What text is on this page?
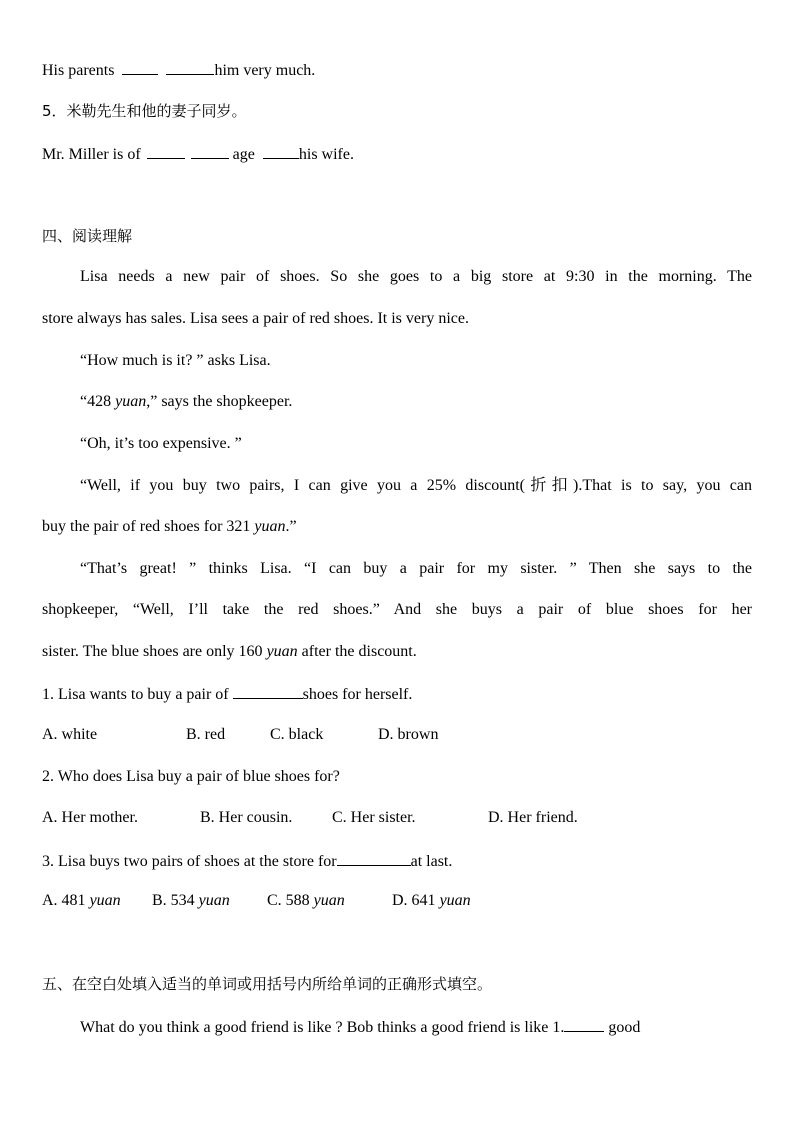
His parents	him very much.
5．米勒先生和他的妻子同岁。
Mr. Miller is of	age	his wife.
四、阅读理解
Lisa needs a new pair of shoes. So she goes to a big store at 9:30 in the morning. The
store always has sales. Lisa sees a pair of red shoes. It is very nice.
“How much is it? ” asks Lisa.
“428 yuan,” says the shopkeeper.
“Oh, it’s too expensive. ”
“Well, if you buy two pairs, I can give you a 25% discount(折扣).That is to say, you can
buy the pair of red shoes for 321 yuan.”
“That’s great! ” thinks Lisa. “I can buy a pair for my sister. ” Then she says to the
shopkeeper, “Well, I’ll take the red shoes.” And she buys a pair of blue shoes for her
sister. The blue shoes are only 160 yuan after the discount.
1. Lisa wants to buy a pair of	shoes for herself.
A. white	B. red	C. black	D. brown
2. Who does Lisa buy a pair of blue shoes for?
A. Her mother.	B. Her cousin. C. Her sister.	D. Her friend.
3. Lisa buys two pairs of shoes at the store for	at last.
A. 481 yuan B. 534 yuan C. 588 yuan	D. 641 yuan
五、在空白处填入适当的单词或用括号内所给单词的正确形式填空。
What do you think a good friend is like ? Bob thinks a good friend is like 1.	good
